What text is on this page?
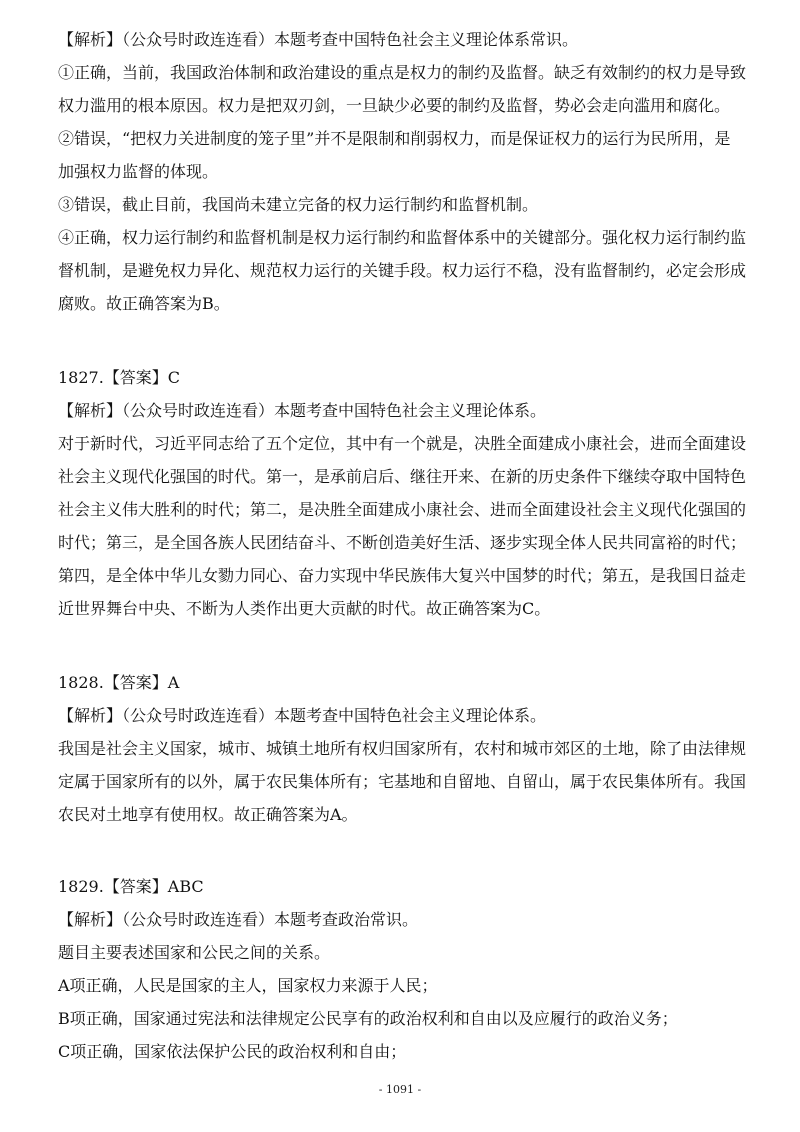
【解析】（公众号时政连连看）本题考查中国特色社会主义理论体系常识。
①正确，当前，我国政治体制和政治建设的重点是权力的制约及监督。缺乏有效制约的权力是导致
权力滥用的根本原因。权力是把双刃剑，一旦缺少必要的制约及监督，势必会走向滥用和腐化。
②错误，“把权力关进制度的笼子里”并不是限制和削弱权力，而是保证权力的运行为民所用，是
加强权力监督的体现。
③错误，截止目前，我国尚未建立完备的权力运行制约和监督机制。
④正确，权力运行制约和监督机制是权力运行制约和监督体系中的关键部分。强化权力运行制约监
督机制，是避免权力异化、规范权力运行的关键手段。权力运行不稳，没有监督制约，必定会形成
腐败。故正确答案为B。
1827.【答案】C
【解析】（公众号时政连连看）本题考查中国特色社会主义理论体系。
对于新时代，习近平同志给了五个定位，其中有一个就是，决胜全面建成小康社会，进而全面建设
社会主义现代化强国的时代。第一，是承前启后、继往开来、在新的历史条件下继续夺取中国特色
社会主义伟大胜利的时代；第二，是决胜全面建成小康社会、进而全面建设社会主义现代化强国的
时代；第三，是全国各族人民团结奋斗、不断创造美好生活、逐步实现全体人民共同富裕的时代；
第四，是全体中华儿女勠力同心、奋力实现中华民族伟大复兴中国梦的时代；第五，是我国日益走
近世界舞台中央、不断为人类作出更大贡献的时代。故正确答案为C。
1828.【答案】A
【解析】（公众号时政连连看）本题考查中国特色社会主义理论体系。
我国是社会主义国家，城市、城镇土地所有权归国家所有，农村和城市郊区的土地，除了由法律规
定属于国家所有的以外，属于农民集体所有；宅基地和自留地、自留山，属于农民集体所有。我国
农民对土地享有使用权。故正确答案为A。
1829.【答案】ABC
【解析】（公众号时政连连看）本题考查政治常识。
题目主要表述国家和公民之间的关系。
A项正确，人民是国家的主人，国家权力来源于人民；
B项正确，国家通过宪法和法律规定公民享有的政治权利和自由以及应履行的政治义务；
C项正确，国家依法保护公民的政治权利和自由；
- 1091 -
